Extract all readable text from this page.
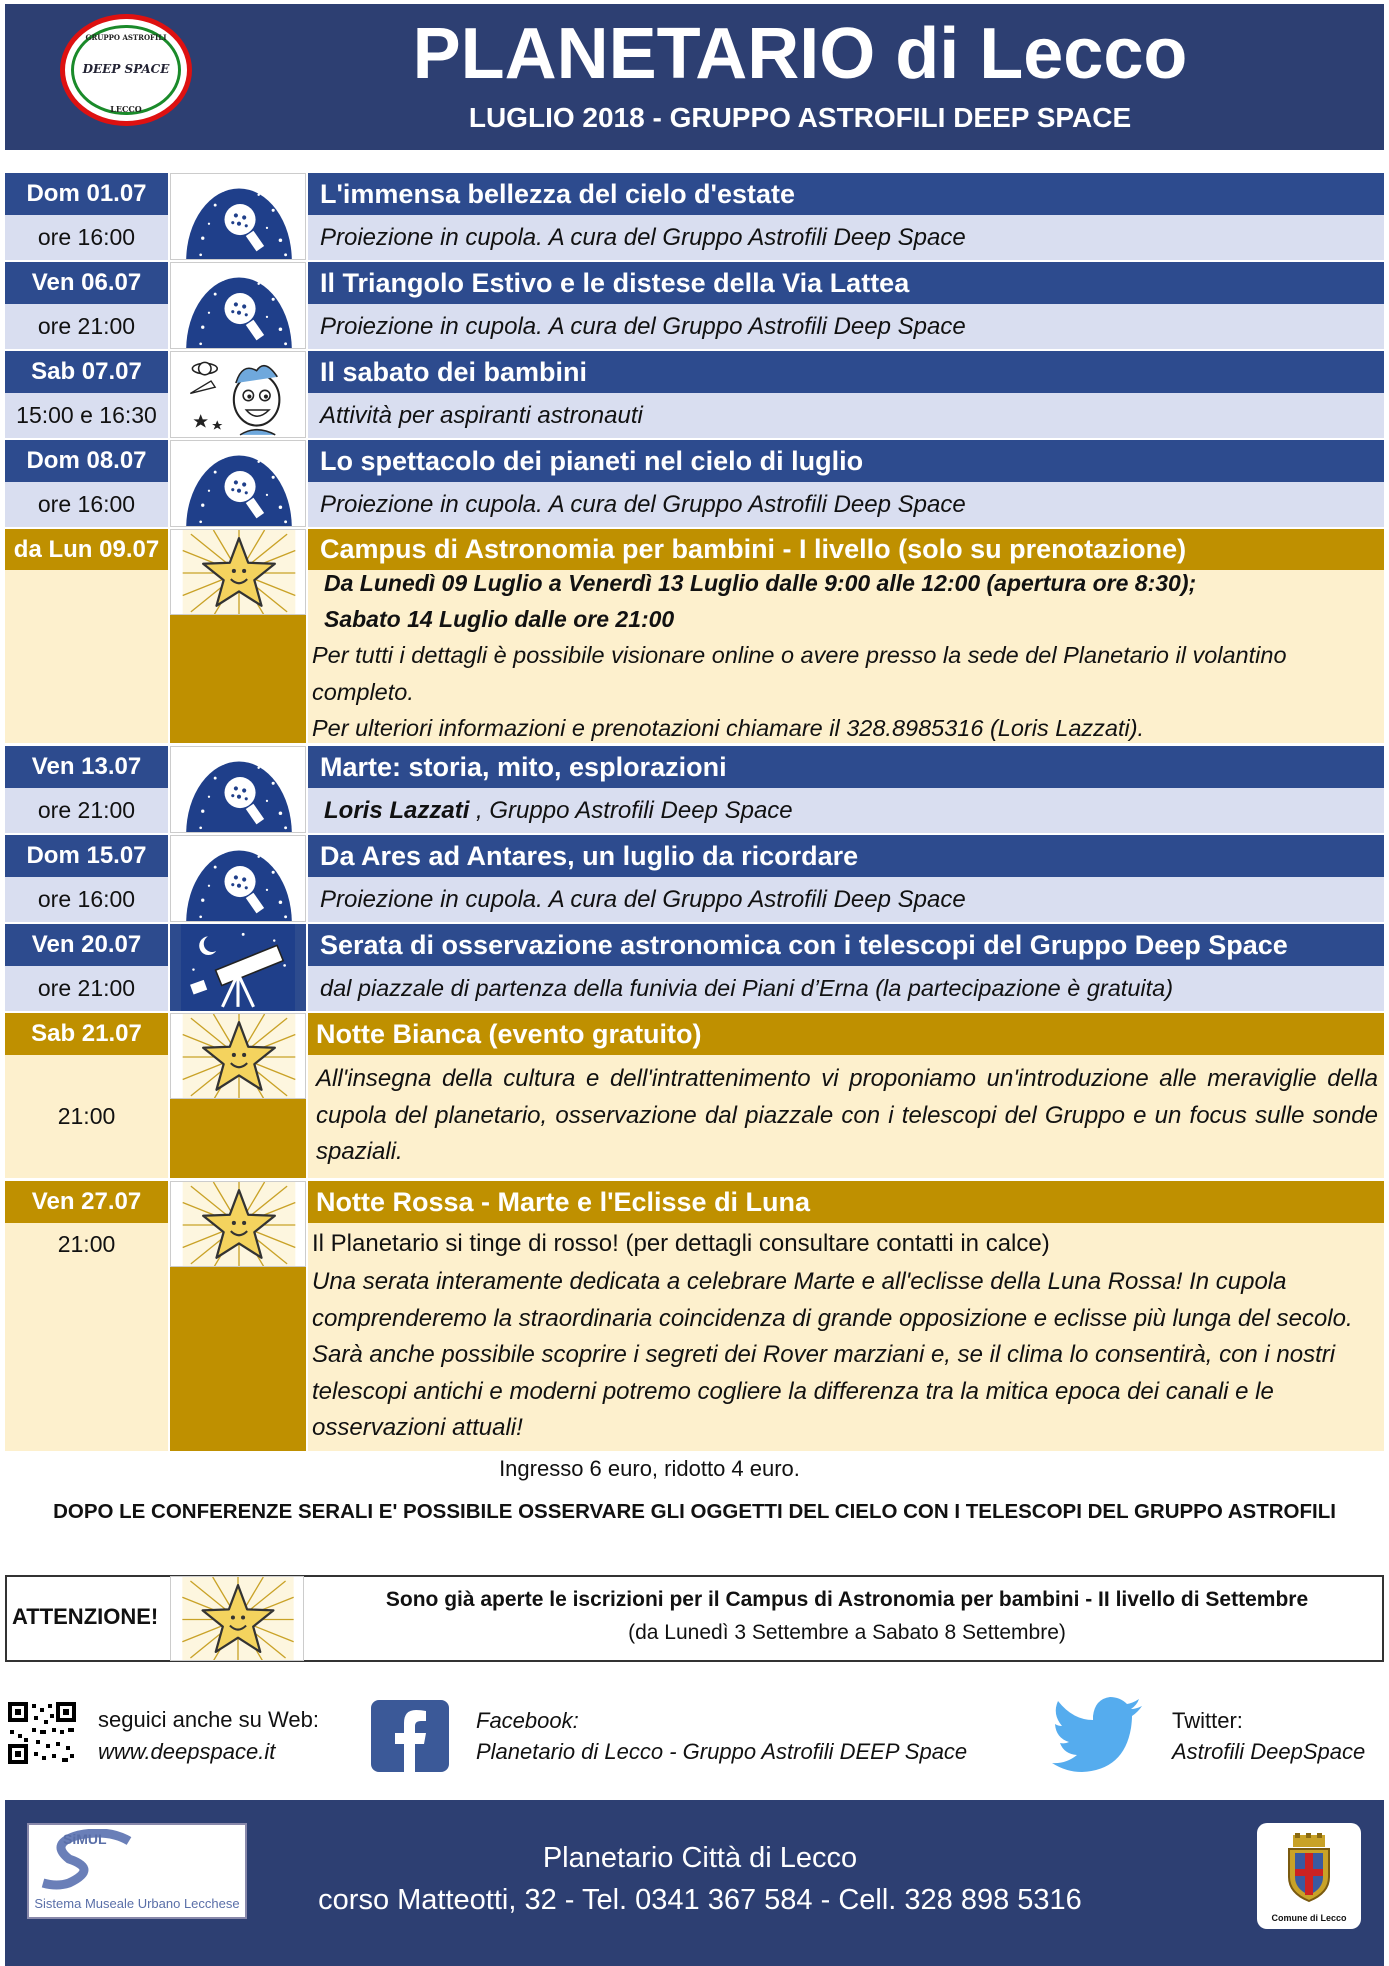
GRUPPO ASTROFILI
DEEP SPACE
LECCO
PLANETARIO di Lecco
LUGLIO 2018 - GRUPPO ASTROFILI DEEP SPACE
Dom 01.07
ore 16:00
L'immensa bellezza del cielo d'estate
Proiezione in cupola. A cura del Gruppo Astrofili Deep Space
Ven 06.07
ore 21:00
Il Triangolo Estivo e le distese della Via Lattea
Proiezione in cupola. A cura del Gruppo Astrofili Deep Space
Sab 07.07
15:00 e 16:30
Il sabato dei bambini
Attività per aspiranti astronauti
Dom 08.07
ore 16:00
Lo spettacolo dei pianeti nel cielo di luglio
Proiezione in cupola. A cura del Gruppo Astrofili Deep Space
da Lun 09.07	Campus di Astronomia per bambini - I livello (solo su prenotazione)
Da Lunedì 09 Luglio a Venerdì 13 Luglio dalle 9:00 alle 12:00 (apertura ore 8:30);
Sabato 14 Luglio dalle ore 21:00
Per tutti i dettagli è possibile visionare online o avere presso la sede del Planetario il volantino completo.
Per ulteriori informazioni e prenotazioni chiamare il 328.8985316 (Loris Lazzati).
Ven 13.07
ore 21:00
Marte: storia, mito, esplorazioni
Loris Lazzati , Gruppo Astrofili Deep Space
Dom 15.07
ore 16:00
Da Ares ad Antares, un luglio da ricordare
Proiezione in cupola. A cura del Gruppo Astrofili Deep Space
Ven 20.07
ore 21:00
Serata di osservazione astronomica con i telescopi del Gruppo Deep Space
dal piazzale di partenza della funivia dei Piani d’Erna (la partecipazione è gratuita)
Sab 21.07
21:00
Notte Bianca (evento gratuito)
All'insegna della cultura e dell'intrattenimento vi proponiamo un'introduzione alle meraviglie della cupola del planetario, osservazione dal piazzale con i telescopi del Gruppo e un focus sulle sonde spaziali.
Ven 27.07
21:00
Notte Rossa - Marte e l'Eclisse di Luna
Il Planetario si tinge di rosso! (per dettagli consultare contatti in calce)
Una serata interamente dedicata a celebrare Marte e all'eclisse della Luna Rossa! In cupola comprenderemo la straordinaria coincidenza di grande opposizione e eclisse più lunga del secolo. Sarà anche possibile scoprire i segreti dei Rover marziani e, se il clima lo consentirà, con i nostri telescopi antichi e moderni potremo cogliere la differenza tra la mitica epoca dei canali e le osservazioni attuali!
Ingresso 6 euro, ridotto 4 euro.
DOPO LE CONFERENZE SERALI E' POSSIBILE OSSERVARE GLI OGGETTI DEL CIELO CON I TELESCOPI DEL GRUPPO ASTROFILI
ATTENZIONE!
Sono già aperte le iscrizioni per il Campus di Astronomia per bambini - II livello di Settembre
(da Lunedì 3 Settembre a Sabato 8 Settembre)
seguici anche su Web:
www.deepspace.it
Facebook:
Planetario di Lecco - Gruppo Astrofili DEEP Space
Twitter:
Astrofili DeepSpace
SiMUL
Sistema Museale Urbano Lecchese
Planetario Città di Lecco
corso Matteotti, 32 - Tel. 0341 367 584 - Cell. 328 898 5316
Comune di Lecco
